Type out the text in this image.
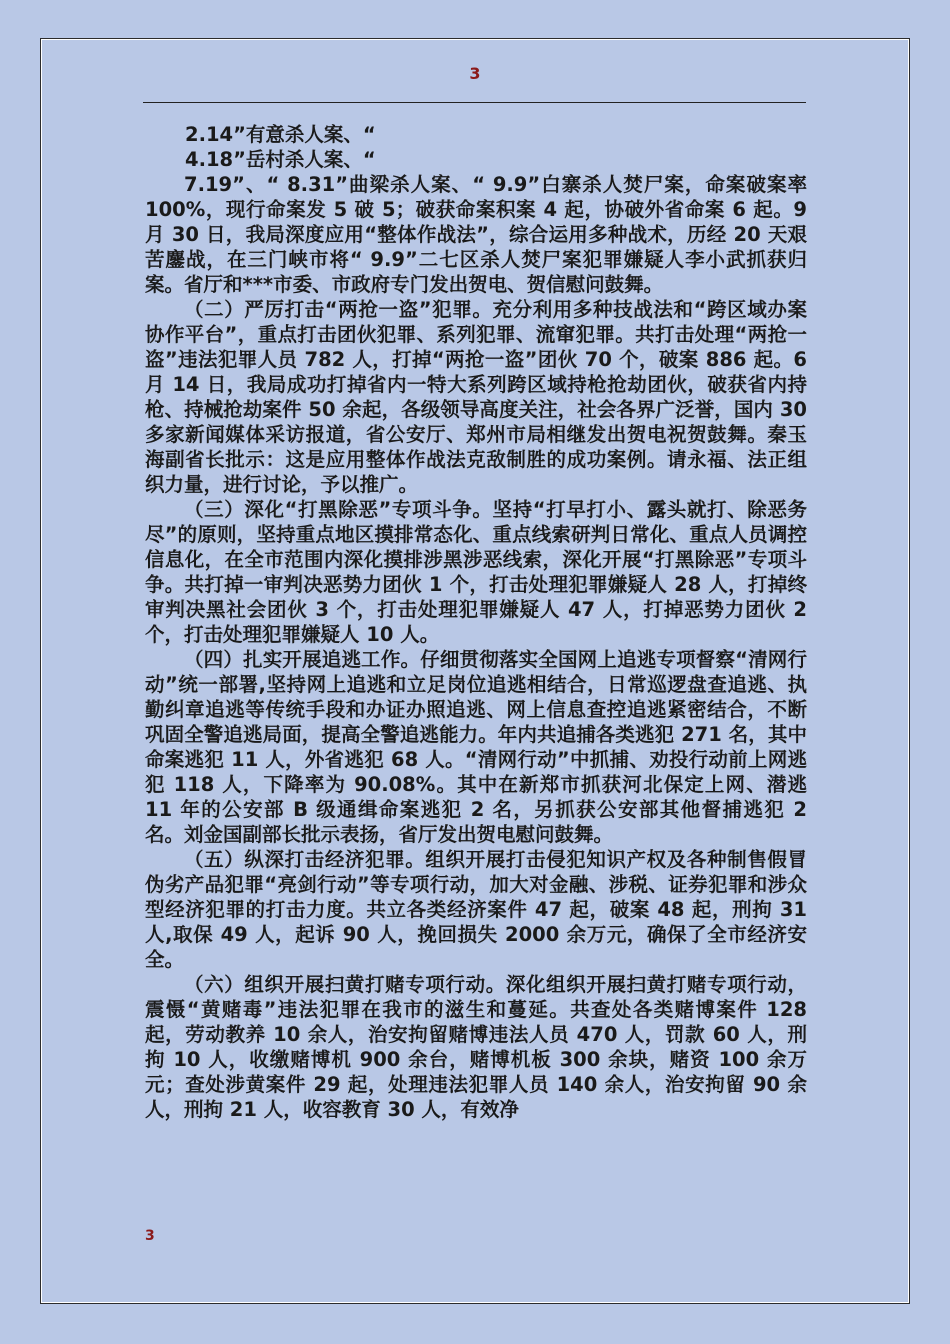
3

2.14”有意杀人案、“

4.18”岳村杀人案、“

7.19”、“ 8.31”曲梁杀人案、“ 9.9”白寨杀人焚尸案，命案破案率 100%，现行命案发 5 破 5；破获命案积案 4 起，协破外省命案 6 起。9 月 30 日，我局深度应用“整体作战法”，综合运用多种战术，历经 20 天艰苦鏖战，在三门峡市将“ 9.9”二七区杀人焚尸案犯罪嫌疑人李小武抓获归案。省厅和***市委、市政府专门发出贺电、贺信慰问鼓舞。

（二）严厉打击“两抢一盗”犯罪。充分利用多种技战法和“跨区域办案协作平台”，重点打击团伙犯罪、系列犯罪、流窜犯罪。共打击处理“两抢一盗”违法犯罪人员 782 人，打掉“两抢一盗”团伙 70 个，破案 886 起。6 月 14 日，我局成功打掉省内一特大系列跨区域持枪抢劫团伙，破获省内持枪、持械抢劫案件 50 余起，各级领导高度关注，社会各界广泛誉，国内 30 多家新闻媒体采访报道，省公安厅、郑州市局相继发出贺电祝贺鼓舞。秦玉海副省长批示：这是应用整体作战法克敌制胜的成功案例。请永福、法正组织力量，进行讨论，予以推广。

（三）深化“打黑除恶”专项斗争。坚持“打早打小、露头就打、除恶务尽”的原则，坚持重点地区摸排常态化、重点线索研判日常化、重点人员调控信息化，在全市范围内深化摸排涉黑涉恶线索，深化开展“打黑除恶”专项斗争。共打掉一审判决恶势力团伙 1 个，打击处理犯罪嫌疑人 28 人，打掉终审判决黑社会团伙 3 个，打击处理犯罪嫌疑人 47 人，打掉恶势力团伙 2 个，打击处理犯罪嫌疑人 10 人。

（四）扎实开展追逃工作。仔细贯彻落实全国网上追逃专项督察“清网行动”统一部署,坚持网上追逃和立足岗位追逃相结合，日常巡逻盘查追逃、执勤纠章追逃等传统手段和办证办照追逃、网上信息查控追逃紧密结合，不断巩固全警追逃局面，提高全警追逃能力。年内共追捕各类逃犯 271 名，其中命案逃犯 11 人，外省逃犯 68 人。“清网行动”中抓捕、劝投行动前上网逃犯 118 人，下降率为 90.08%。其中在新郑市抓获河北保定上网、潜逃 11 年的公安部 B 级通缉命案逃犯 2 名，另抓获公安部其他督捕逃犯 2 名。刘金国副部长批示表扬，省厅发出贺电慰问鼓舞。

（五）纵深打击经济犯罪。组织开展打击侵犯知识产权及各种制售假冒伪劣产品犯罪“亮剑行动”等专项行动，加大对金融、涉税、证券犯罪和涉众型经济犯罪的打击力度。共立各类经济案件 47 起，破案 48 起，刑拘 31 人,取保 49 人，起诉 90 人，挽回损失 2000 余万元，确保了全市经济安全。

（六）组织开展扫黄打赌专项行动。深化组织开展扫黄打赌专项行动，震慑“黄赌毒”违法犯罪在我市的滋生和蔓延。共查处各类赌博案件 128 起，劳动教养 10 余人，治安拘留赌博违法人员 470 人，罚款 60 人，刑拘 10 人，收缴赌博机 900 余台，赌博机板 300 余块，赌资 100 余万元；查处涉黄案件 29 起，处理违法犯罪人员 140 余人，治安拘留 90 余人，刑拘 21 人，收容教育 30 人，有效净

3
